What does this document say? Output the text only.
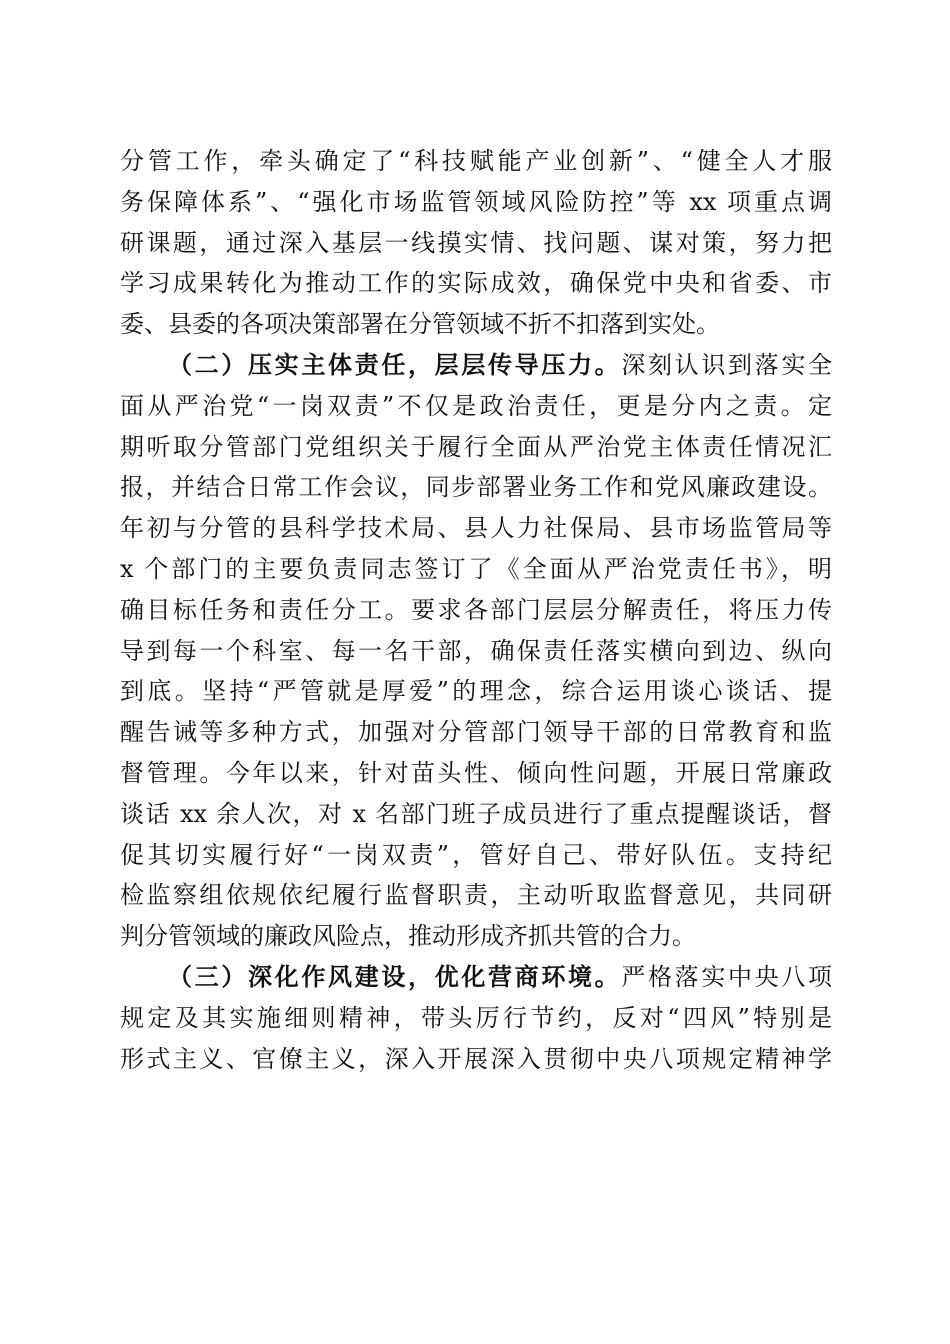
分管工作，牵头确定了“科技赋能产业创新”、“健全人才服
务保障体系”、“强化市场监管领域风险防控”等 xx 项重点调
研课题，通过深入基层一线摸实情、找问题、谋对策，努力把
学习成果转化为推动工作的实际成效，确保党中央和省委、市
委、县委的各项决策部署在分管领域不折不扣落到实处。
（二）压实主体责任，层层传导压力。深刻认识到落实全
面从严治党“一岗双责”不仅是政治责任，更是分内之责。定
期听取分管部门党组织关于履行全面从严治党主体责任情况汇
报，并结合日常工作会议，同步部署业务工作和党风廉政建设。
年初与分管的县科学技术局、县人力社保局、县市场监管局等
x 个部门的主要负责同志签订了《全面从严治党责任书》，明
确目标任务和责任分工。要求各部门层层分解责任，将压力传
导到每一个科室、每一名干部，确保责任落实横向到边、纵向
到底。坚持“严管就是厚爱”的理念，综合运用谈心谈话、提
醒告诫等多种方式，加强对分管部门领导干部的日常教育和监
督管理。今年以来，针对苗头性、倾向性问题，开展日常廉政
谈话 xx 余人次，对 x 名部门班子成员进行了重点提醒谈话，督
促其切实履行好“一岗双责”，管好自己、带好队伍。支持纪
检监察组依规依纪履行监督职责，主动听取监督意见，共同研
判分管领域的廉政风险点，推动形成齐抓共管的合力。
（三）深化作风建设，优化营商环境。严格落实中央八项
规定及其实施细则精神，带头厉行节约，反对“四风”特别是
形式主义、官僚主义，深入开展深入贯彻中央八项规定精神学
